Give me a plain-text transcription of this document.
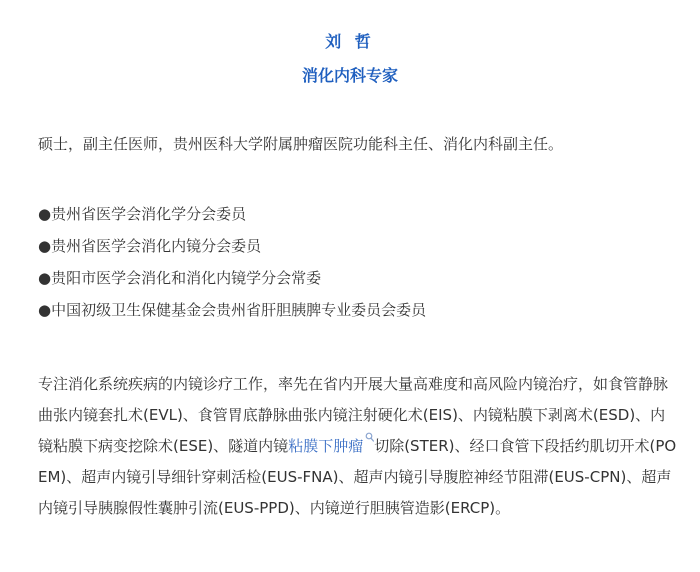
刘 哲

消化内科专家

硕士，副主任医师，贵州医科大学附属肿瘤医院功能科主任、消化内科副主任。

●贵州省医学会消化学分会委员
●贵州省医学会消化内镜分会委员
●贵阳市医学会消化和消化内镜学分会常委
●中国初级卫生保健基金会贵州省肝胆胰脾专业委员会委员

专注消化系统疾病的内镜诊疗工作，率先在省内开展大量高难度和高风险内镜治疗，如食管静脉曲张内镜套扎术(EVL)、食管胃底静脉曲张内镜注射硬化术(EIS)、内镜粘膜下剥离术(ESD)、内镜粘膜下病变挖除术(ESE)、隧道内镜粘膜下肿瘤 切除(STER)、经口食管下段括约肌切开术(POEM)、超声内镜引导细针穿刺活检(EUS-FNA)、超声内镜引导腹腔神经节阻滞(EUS-CPN)、超声内镜引导胰腺假性囊肿引流(EUS-PPD)、内镜逆行胆胰管造影(ERCP)。
